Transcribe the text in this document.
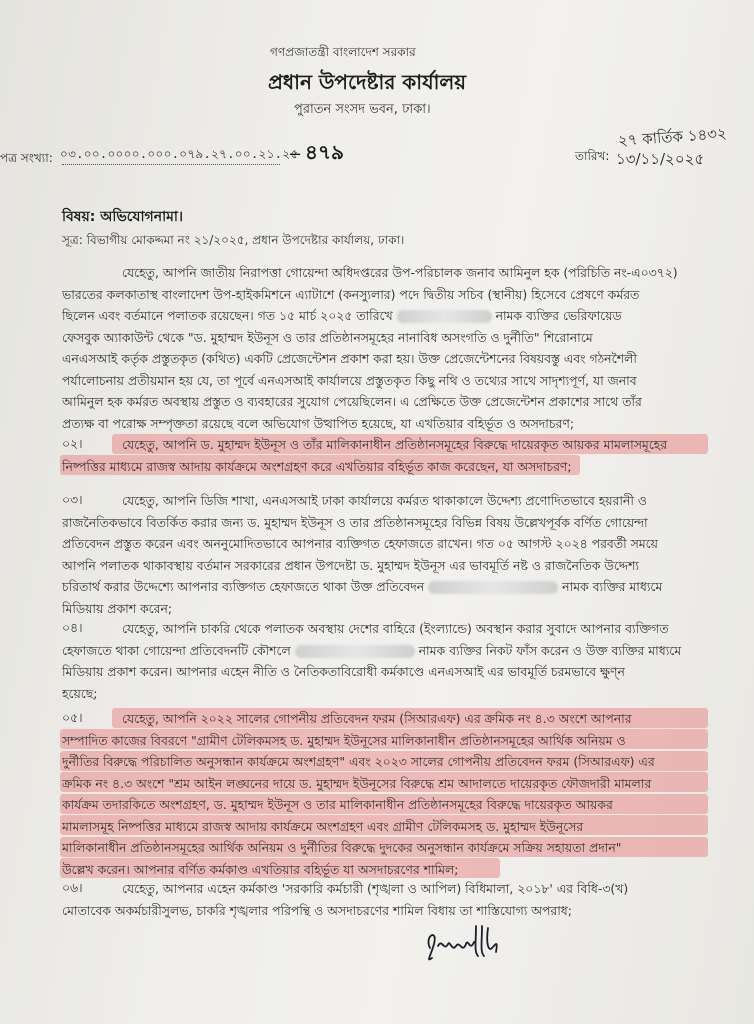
গণপ্রজাতন্ত্রী বাংলাদেশ সরকার
প্রধান উপদেষ্টার কার্যালয়
পুরাতন সংসদ ভবন, ঢাকা।
পত্র সংখ্যা: ০৩.০০.০০০০.০০০.০৭৯.২৭.০০.২১.২৫
– ৪৭৯	তারিখ:
২৭ কার্তিক ১৪৩২
১৩/১১/২০২৫
বিষয়: অভিযোগনামা।
সূত্র: বিভাগীয় মোকদ্দমা নং ২১/২০২৫, প্রধান উপদেষ্টার কার্যালয়, ঢাকা।
যেহেতু, আপনি জাতীয় নিরাপত্তা গোয়েন্দা অধিদপ্তরের উপ-পরিচালক জনাব আমিনুল হক (পরিচিতি নং-এ০৩৭২)
ভারতের কলকাতাস্থ বাংলাদেশ উপ-হাইকমিশনে এ্যাটাশে (কনস্যুলার) পদে দ্বিতীয় সচিব (স্থানীয়) হিসেবে প্রেষণে কর্মরত
ছিলেন এবং বর্তমানে পলাতক রয়েছেন। গত ১৫ মার্চ ২০২৫ তারিখে	নামক ব্যক্তির ভেরিফায়েড
ফেসবুক অ্যাকাউন্ট থেকে "ড. মুহাম্মদ ইউনূস ও তার প্রতিষ্ঠানসমূহের নানাবিধ অসংগতি ও দুর্নীতি" শিরোনামে
এনএসআই কর্তৃক প্রস্তুতকৃত (কথিত) একটি প্রেজেন্টেশন প্রকাশ করা হয়। উক্ত প্রেজেন্টেশনের বিষয়বস্তু এবং গঠনশৈলী
পর্যালোচনায় প্রতীয়মান হয় যে, তা পূর্বে এনএসআই কার্যালয়ে প্রস্তুতকৃত কিছু নথি ও তথ্যের সাথে সাদৃশ্যপূর্ণ, যা জনাব
আমিনুল হক কর্মরত অবস্থায় প্রস্তুত ও ব্যবহারের সুযোগ পেয়েছিলেন। এ প্রেক্ষিতে উক্ত প্রেজেন্টেশন প্রকাশের সাথে তাঁর
প্রত্যক্ষ বা পরোক্ষ সম্পৃক্ততা রয়েছে বলে অভিযোগ উত্থাপিত হয়েছে, যা এখতিয়ার বহির্ভূত ও অসদাচরণ;
০২।	যেহেতু, আপনি ড. মুহাম্মদ ইউনূস ও তাঁর মালিকানাধীন প্রতিষ্ঠানসমূহের বিরুদ্ধে দায়েরকৃত আয়কর মামলাসমূহের
নিষ্পত্তির মাধ্যমে রাজস্ব আদায় কার্যক্রমে অংশগ্রহণ করে এখতিয়ার বহির্ভূত কাজ করেছেন, যা অসদাচরণ;
০৩।	যেহেতু, আপনি ডিজি শাখা, এনএসআই ঢাকা কার্যালয়ে কর্মরত থাকাকালে উদ্দেশ্য প্রণোদিতভাবে হয়রানী ও
রাজনৈতিকভাবে বিতর্কিত করার জন্য ড. মুহাম্মদ ইউনূস ও তার প্রতিষ্ঠানসমূহের বিভিন্ন বিষয় উল্লেখপূর্বক বর্ণিত গোয়েন্দা
প্রতিবেদন প্রস্তুত করেন এবং অননুমোদিতভাবে আপনার ব্যক্তিগত হেফাজতে রাখেন। গত ০৫ আগস্ট ২০২৪ পরবর্তী সময়ে
আপনি পলাতক থাকাবস্থায় বর্তমান সরকারের প্রধান উপদেষ্টা ড. মুহাম্মদ ইউনূস এর ভাবমূর্তি নষ্ট ও রাজনৈতিক উদ্দেশ্য
চরিতার্থ করার উদ্দেশ্যে আপনার ব্যক্তিগত হেফাজতে থাকা উক্ত প্রতিবেদন	নামক ব্যক্তির মাধ্যমে
মিডিয়ায় প্রকাশ করেন;
০৪।	যেহেতু, আপনি চাকরি থেকে পলাতক অবস্থায় দেশের বাহিরে (ইংল্যান্ডে) অবস্থান করার সুবাদে আপনার ব্যক্তিগত
হেফাজতে থাকা গোয়েন্দা প্রতিবেদনটি কৌশলে	নামক ব্যক্তির নিকট ফাঁস করেন ও উক্ত ব্যক্তির মাধ্যমে
মিডিয়ায় প্রকাশ করেন। আপনার এহেন নীতি ও নৈতিকতাবিরোধী কর্মকাণ্ডে এনএসআই এর ভাবমূর্তি চরমভাবে ক্ষুণ্ন
হয়েছে;
০৫।	যেহেতু, আপনি ২০২২ সালের গোপনীয় প্রতিবেদন ফরম (সিআরএফ) এর ক্রমিক নং ৪.৩ অংশে আপনার
সম্পাদিত কাজের বিবরণে "গ্রামীণ টেলিকমসহ ড. মুহাম্মদ ইউনূসের মালিকানাধীন প্রতিষ্ঠানসমূহের আর্থিক অনিয়ম ও
দুর্নীতির বিরুদ্ধে পরিচালিত অনুসন্ধান কার্যক্রমে অংশগ্রহণ" এবং ২০২৩ সালের গোপনীয় প্রতিবেদন ফরম (সিআরএফ) এর
ক্রমিক নং ৪.৩ অংশে "শ্রম আইন লঙ্ঘনের দায়ে ড. মুহাম্মদ ইউনূসের বিরুদ্ধে শ্রম আদালতে দায়েরকৃত ফৌজদারী মামলার
কার্যক্রম তদারকিতে অংশগ্রহণ, ড. মুহাম্মদ ইউনূস ও তার মালিকানাধীন প্রতিষ্ঠানসমূহের বিরুদ্ধে দায়েরকৃত আয়কর
মামলাসমূহ নিষ্পত্তির মাধ্যমে রাজস্ব আদায় কার্যক্রমে অংশগ্রহণ এবং গ্রামীণ টেলিকমসহ ড. মুহাম্মদ ইউনূসের
মালিকানাধীন প্রতিষ্ঠানসমূহের আর্থিক অনিয়ম ও দুর্নীতির বিরুদ্ধে দুদকের অনুসন্ধান কার্যক্রমে সক্রিয় সহায়তা প্রদান"
উল্লেখ করেন। আপনার বর্ণিত কর্মকাণ্ড এখতিয়ার বহির্ভূত যা অসদাচরণের শামিল;
০৬।	যেহেতু, আপনার এহেন কর্মকাণ্ড 'সরকারি কর্মচারী (শৃঙ্খলা ও আপিল) বিধিমালা, ২০১৮' এর বিধি-৩(খ)
মোতাবেক অকর্মচারীসুলভ, চাকরি শৃঙ্খলার পরিপন্থি ও অসদাচরণের শামিল বিধায় তা শাস্তিযোগ্য অপরাধ;
